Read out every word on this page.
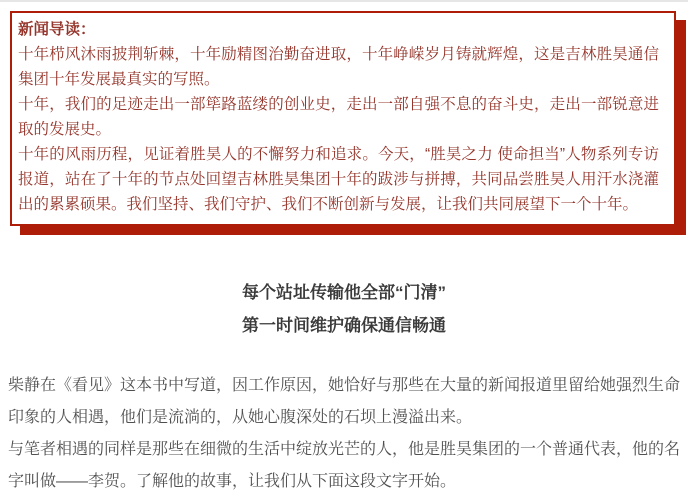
新闻导读：

十年栉风沐雨披荆斩棘，十年励精图治勤奋进取，十年峥嵘岁月铸就辉煌，这是吉林胜昊通信集团十年发展最真实的写照。

十年，我们的足迹走出一部筚路蓝缕的创业史，走出一部自强不息的奋斗史，走出一部锐意进取的发展史。

十年的风雨历程，见证着胜昊人的不懈努力和追求。今天，“胜昊之力 使命担当”人物系列专访报道，站在了十年的节点处回望吉林胜昊集团十年的跋涉与拼搏，共同品尝胜昊人用汗水浇灌出的累累硕果。我们坚持、我们守护、我们不断创新与发展，让我们共同展望下一个十年。

每个站址传输他全部“门清”
第一时间维护确保通信畅通

柴静在《看见》这本书中写道，因工作原因，她恰好与那些在大量的新闻报道里留给她强烈生命印象的人相遇，他们是流淌的，从她心腹深处的石坝上漫溢出来。

与笔者相遇的同样是那些在细微的生活中绽放光芒的人，他是胜昊集团的一个普通代表，他的名字叫做——李贺。了解他的故事，让我们从下面这段文字开始。
